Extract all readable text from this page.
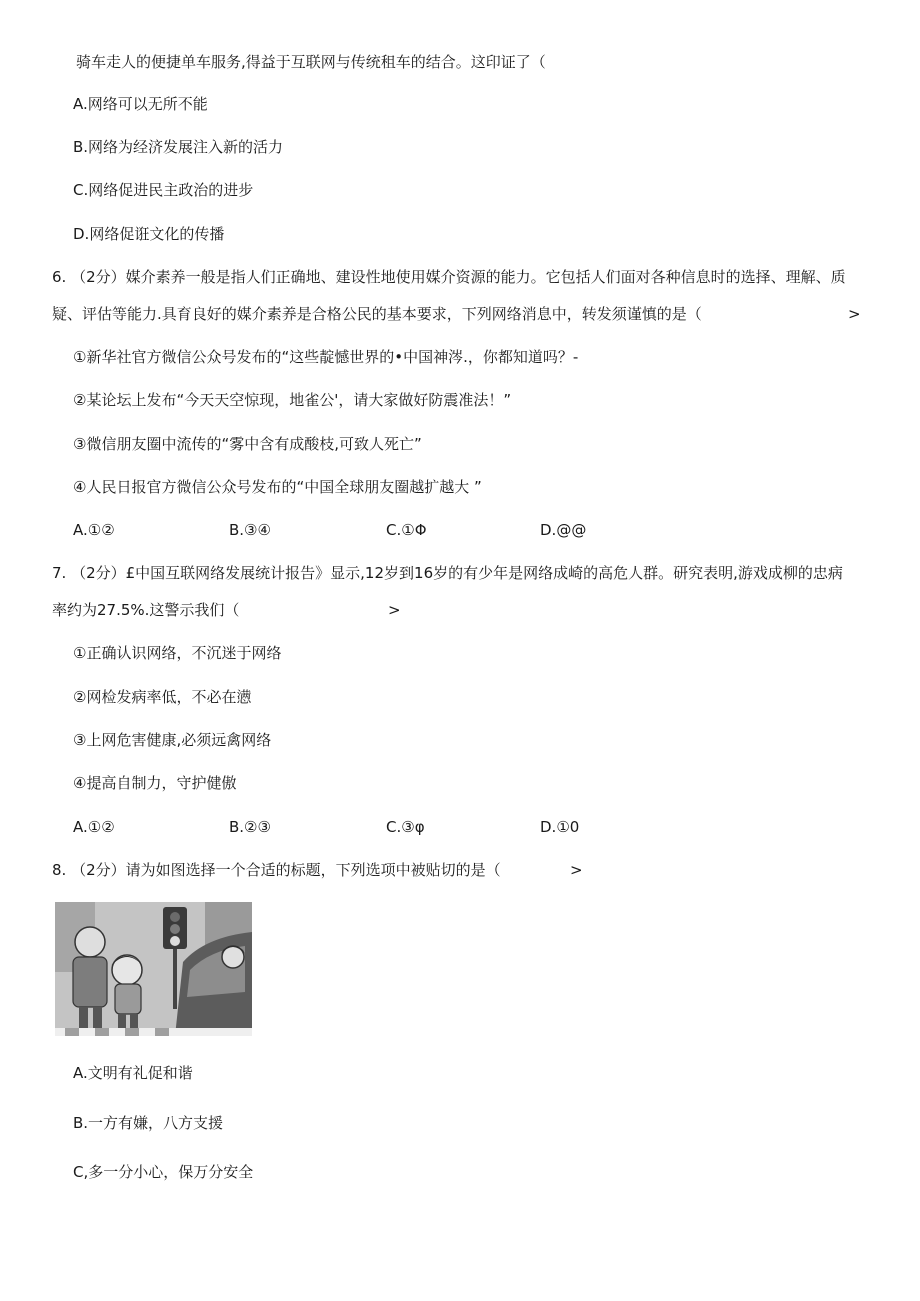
骑车走人的便捷单车服务,得益于互联网与传统租车的结合。这印证了（
A.网络可以无所不能
B.网络为经济发展注入新的活力
C.网络促进民主政治的进步
D.网络促诳文化的传播
6. （2分）媒介素养一般是指人们正确地、建设性地使用媒介资源的能力。它包括人们面对各种信息时的选择、理解、质
疑、评估等能力.具育良好的媒介素养是合格公民的基本要求，下列网络消息中，转发须谨慎的是（	>
①新华社官方微信公众号发布的“这些靛憾世界的•中国神涔.，你都知道吗？-
②某论坛上发布“今天天空惊现，地雀公'，请大家做好防震准法！”
③微信朋友圈中流传的“雾中含有成酸枝,可致人死亡”
④人民日报官方微信公众号发布的“中国全球朋友圈越扩越大 ”
A.①②	B.③④	C.①Φ	D.@@
7. （2分）£中国互联网络发展统计报告》显示,12岁到16岁的有少年是网络成崎的高危人群。研究表明,游戏成柳的忠病
率约为27.5%.这警示我们（	>
①正确认识网络，不沉迷于网络
②网检发病率低，不必在懑
③上网危害健康,必须远禽网络
④提高自制力，守护健傲
A.①②	B.②③	C.③φ	D.①0
8. （2分）请为如图选择一个合适的标题，下列选项中被贴切的是（	>
A.文明有礼促和谐
B.一方有嫌，八方支援
C,多一分小心，保万分安全
